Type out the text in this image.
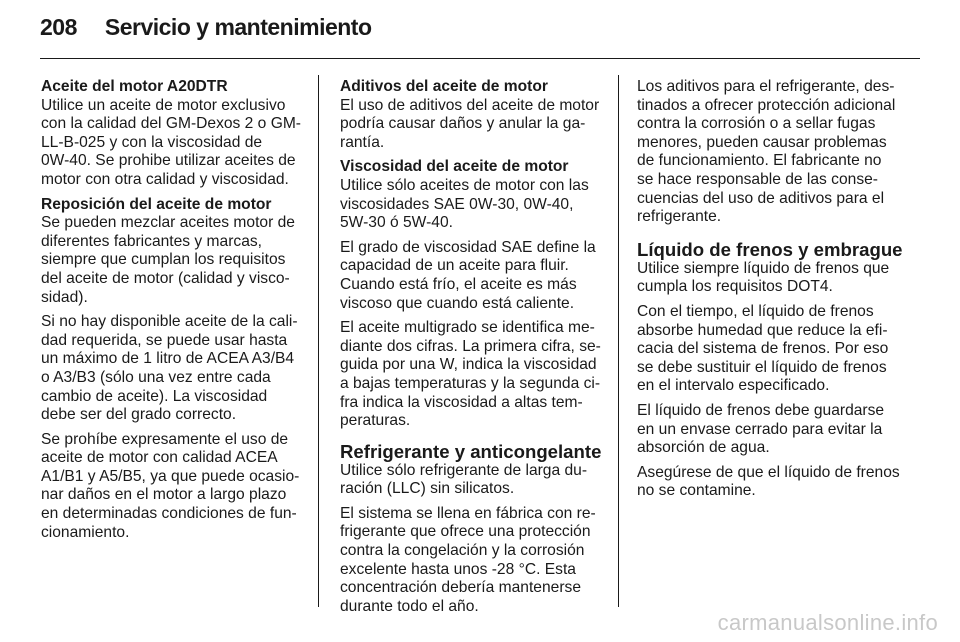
208 Servicio y mantenimiento
Aceite del motor A20DTR

Utilice un aceite de motor exclusivo
con la calidad del GM-Dexos 2 o GM-
LL-B-025 y con la viscosidad de
0W-40. Se prohibe utilizar aceites de
motor con otra calidad y viscosidad.

Reposición del aceite de motor

Se pueden mezclar aceites motor de
diferentes fabricantes y marcas,
siempre que cumplan los requisitos
del aceite de motor (calidad y visco-
sidad).

Si no hay disponible aceite de la cali-
dad requerida, se puede usar hasta
un máximo de 1 litro de ACEA A3/B4
o A3/B3 (sólo una vez entre cada
cambio de aceite). La viscosidad
debe ser del grado correcto.

Se prohíbe expresamente el uso de
aceite de motor con calidad ACEA
A1/B1 y A5/B5, ya que puede ocasio-
nar daños en el motor a largo plazo
en determinadas condiciones de fun-
cionamiento.

Aditivos del aceite de motor

El uso de aditivos del aceite de motor
podría causar daños y anular la ga-
rantía.

Viscosidad del aceite de motor

Utilice sólo aceites de motor con las
viscosidades SAE 0W-30, 0W-40,
5W-30 ó 5W-40.

El grado de viscosidad SAE define la
capacidad de un aceite para fluir.
Cuando está frío, el aceite es más
viscoso que cuando está caliente.

El aceite multigrado se identifica me-
diante dos cifras. La primera cifra, se-
guida por una W, indica la viscosidad
a bajas temperaturas y la segunda ci-
fra indica la viscosidad a altas tem-
peraturas.

Refrigerante y anticongelante

Utilice sólo refrigerante de larga du-
ración (LLC) sin silicatos.

El sistema se llena en fábrica con re-
frigerante que ofrece una protección
contra la congelación y la corrosión
excelente hasta unos -28 °C. Esta
concentración debería mantenerse
durante todo el año.

Los aditivos para el refrigerante, des-
tinados a ofrecer protección adicional
contra la corrosión o a sellar fugas
menores, pueden causar problemas
de funcionamiento. El fabricante no
se hace responsable de las conse-
cuencias del uso de aditivos para el
refrigerante.

Líquido de frenos y embrague

Utilice siempre líquido de frenos que
cumpla los requisitos DOT4.

Con el tiempo, el líquido de frenos
absorbe humedad que reduce la efi-
cacia del sistema de frenos. Por eso
se debe sustituir el líquido de frenos
en el intervalo especificado.

El líquido de frenos debe guardarse
en un envase cerrado para evitar la
absorción de agua.

Asegúrese de que el líquido de frenos
no se contamine.

carmanualsonline.info
